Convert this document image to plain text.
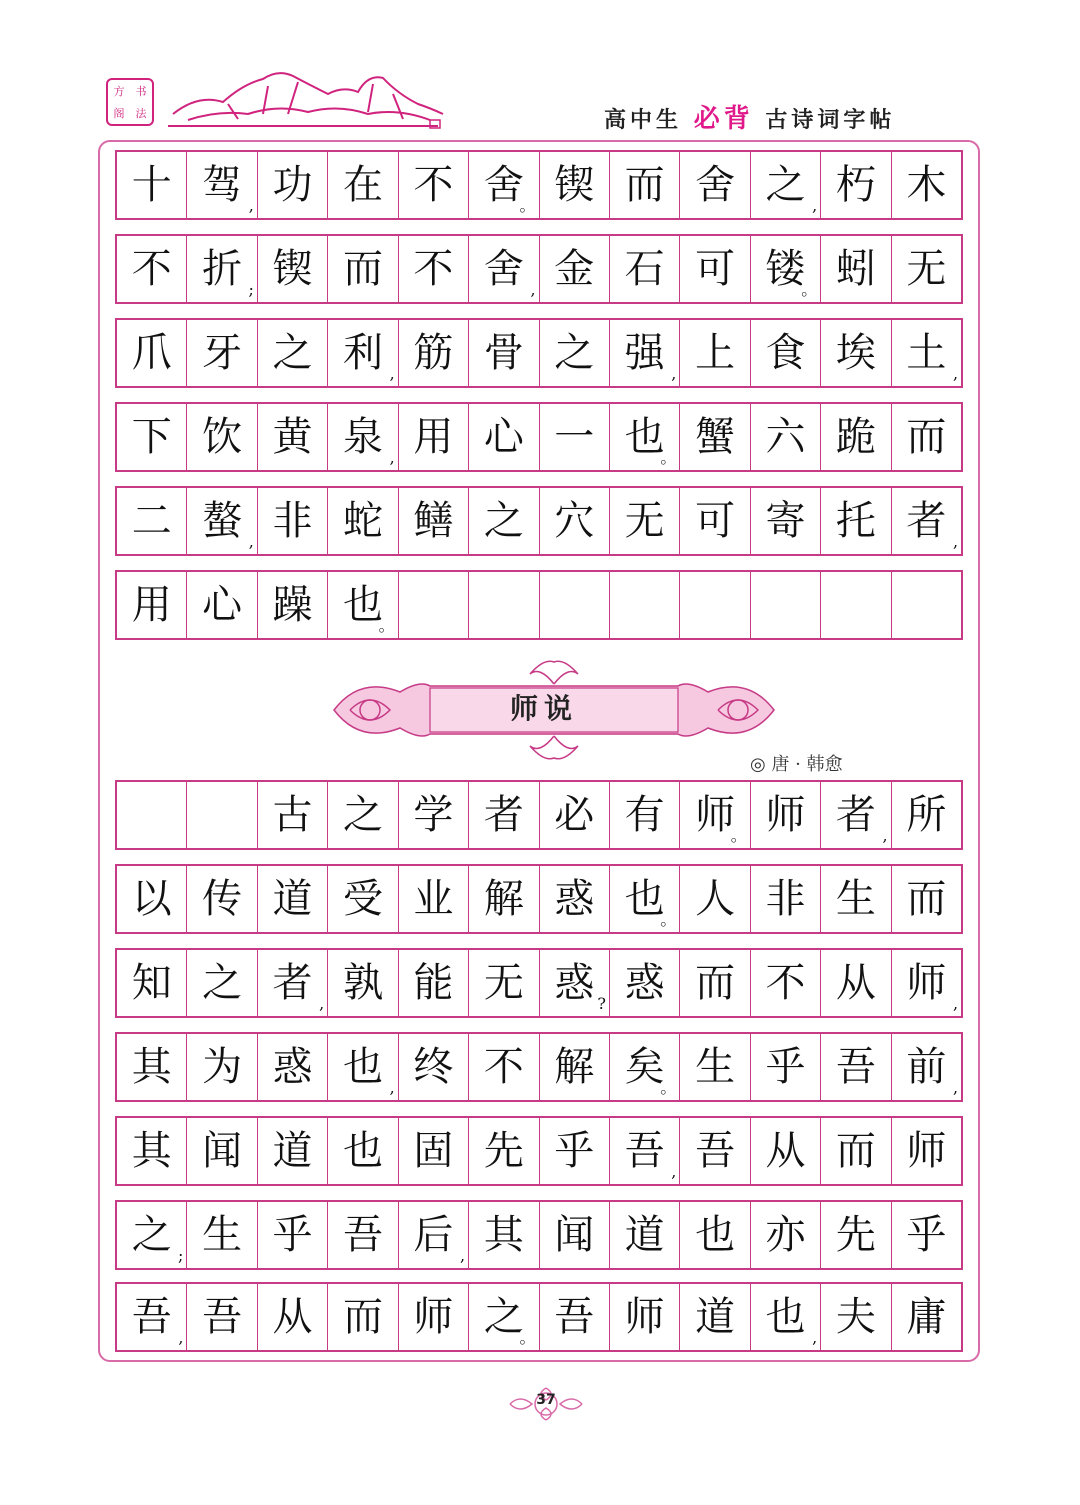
方 书
阁 法	高中生 必背 古诗词字帖
十 驾 , 功 在 不 舍
。 锲 而 舍 之 , 朽 木
不 折 ; 锲 而 不 舍 , 金 石 可 镂
。 蚓 无
爪 牙 之 利 , 筋 骨 之 强 , 上 食 埃 土 ,
下 饮 黄 泉 , 用 心 一 也
。 蟹 六 跪 而
二 螯 , 非 蛇 鳝 之 穴 无 可 寄 托 者 ,
用 心 躁 也
。
师说
◎ 唐 · 韩愈
古 之 学 者 必 有 师
。 师 者 , 所
以 传 道 受 业 解 惑 也
。 人 非 生 而
知 之 者 , 孰 能 无 惑 ? 惑 而 不 从 师 ,
其 为 惑 也 , 终 不 解 矣
。 生 乎 吾 前 ,
其 闻 道 也 固 先 乎 吾 , 吾 从 而 师
之 ; 生 乎 吾 后 , 其 闻 道 也 亦 先 乎
吾 , 吾 从 而 师 之
。 吾 师 道 也 , 夫 庸
37
